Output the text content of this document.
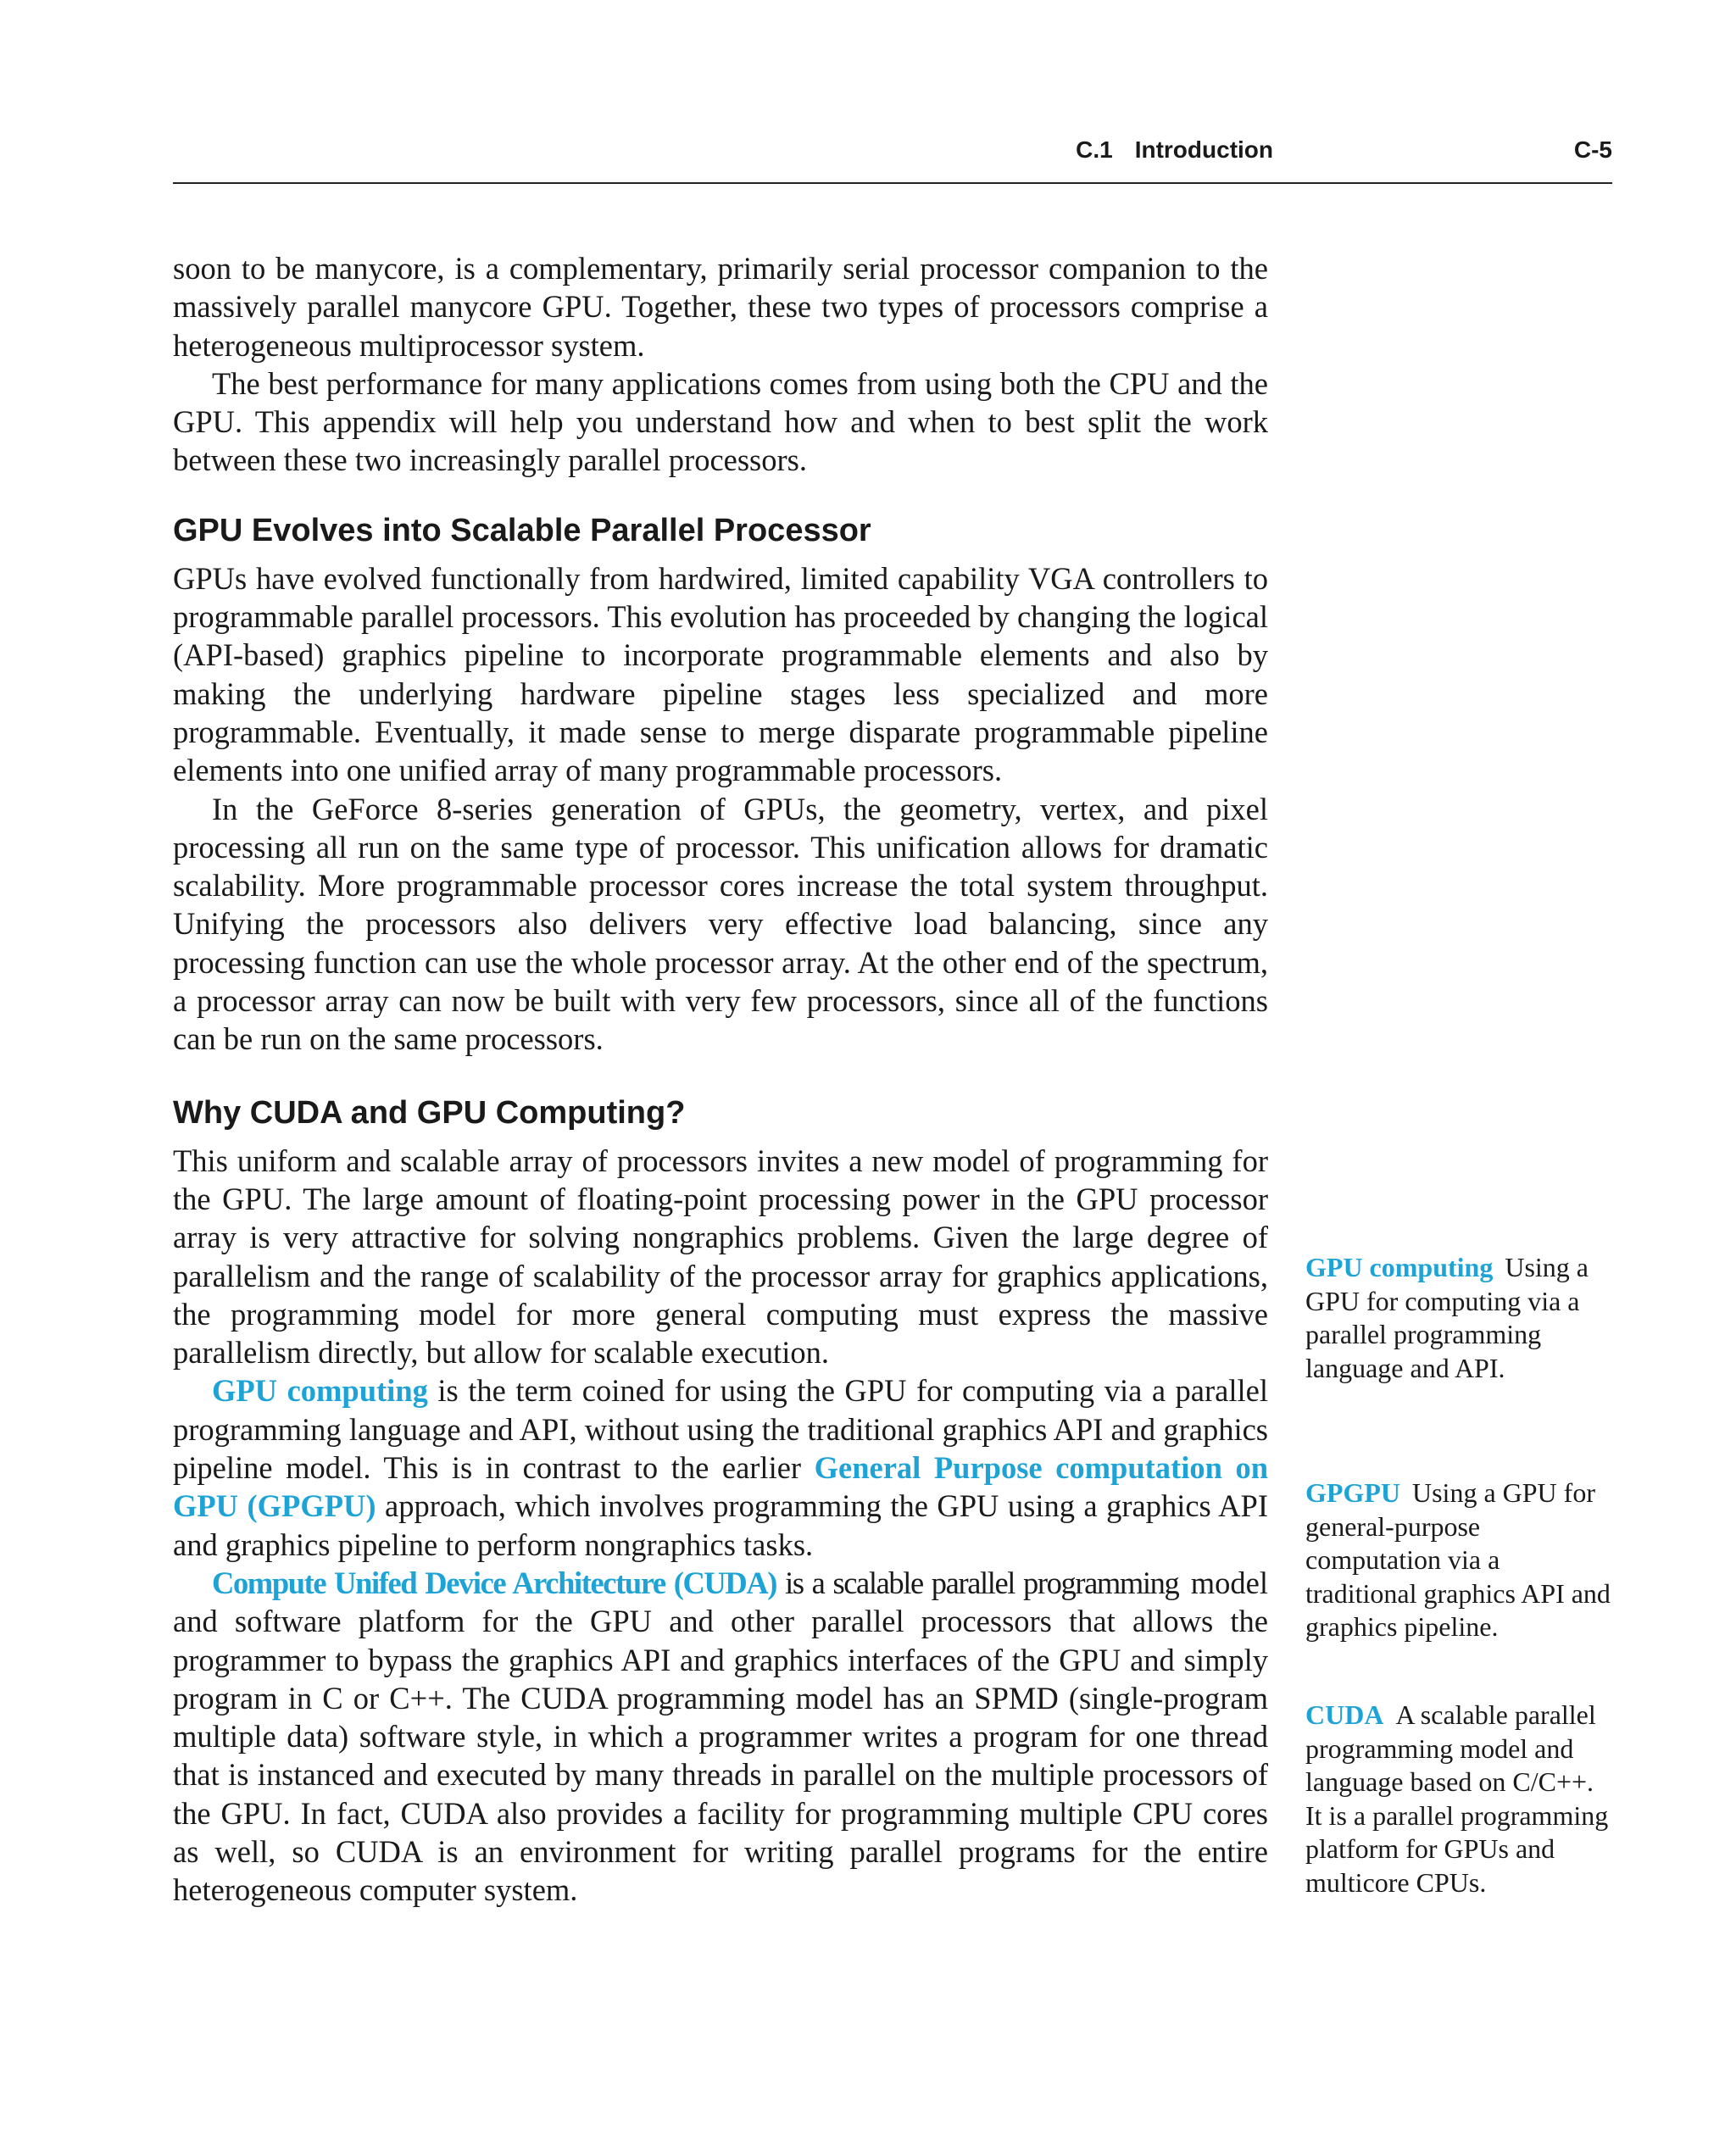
C.1 Introduction	C-5

soon to be manycore, is a complementary, primarily serial processor companion to the massively parallel manycore GPU. Together, these two types of processors comprise a heterogeneous multiprocessor system.

The best performance for many applications comes from using both the CPU and the GPU. This appendix will help you understand how and when to best split the work between these two increasingly parallel processors.

GPU Evolves into Scalable Parallel Processor

GPUs have evolved functionally from hardwired, limited capability VGA controllers to programmable parallel processors. This evolution has proceeded by changing the logical (API-based) graphics pipeline to incorporate programmable elements and also by making the underlying hardware pipeline stages less specialized and more programmable. Eventually, it made sense to merge disparate programmable pipeline elements into one unified array of many programmable processors.

In the GeForce 8-series generation of GPUs, the geometry, vertex, and pixel processing all run on the same type of processor. This unification allows for dramatic scalability. More programmable processor cores increase the total system throughput. Unifying the processors also delivers very effective load balancing, since any processing function can use the whole processor array. At the other end of the spectrum, a processor array can now be built with very few processors, since all of the functions can be run on the same processors.

Why CUDA and GPU Computing?

This uniform and scalable array of processors invites a new model of programming for the GPU. The large amount of floating-point processing power in the GPU processor array is very attractive for solving nongraphics problems. Given the large degree of parallelism and the range of scalability of the processor array for graphics applications, the programming model for more general computing must express the massive parallelism directly, but allow for scalable execution.

GPU computing is the term coined for using the GPU for computing via a parallel programming language and API, without using the traditional graphics API and graphics pipeline model. This is in contrast to the earlier General Purpose computation on GPU (GPGPU) approach, which involves programming the GPU using a graphics API and graphics pipeline to perform nongraphics tasks.

Compute Unifed Device Architecture (CUDA) is a scalable parallel programming model and software platform for the GPU and other parallel processors that allows the programmer to bypass the graphics API and graphics interfaces of the GPU and simply program in C or C++. The CUDA programming model has an SPMD (single-program multiple data) software style, in which a programmer writes a program for one thread that is instanced and executed by many threads in parallel on the multiple processors of the GPU. In fact, CUDA also provides a facility for programming multiple CPU cores as well, so CUDA is an environment for writing parallel programs for the entire heterogeneous computer system.

GPU computing Using a GPU for computing via a parallel programming language and API.
GPGPU Using a GPU for general-purpose computation via a traditional graphics API and graphics pipeline.
CUDA A scalable parallel programming model and language based on C/C++. It is a parallel programming platform for GPUs and multicore CPUs.
